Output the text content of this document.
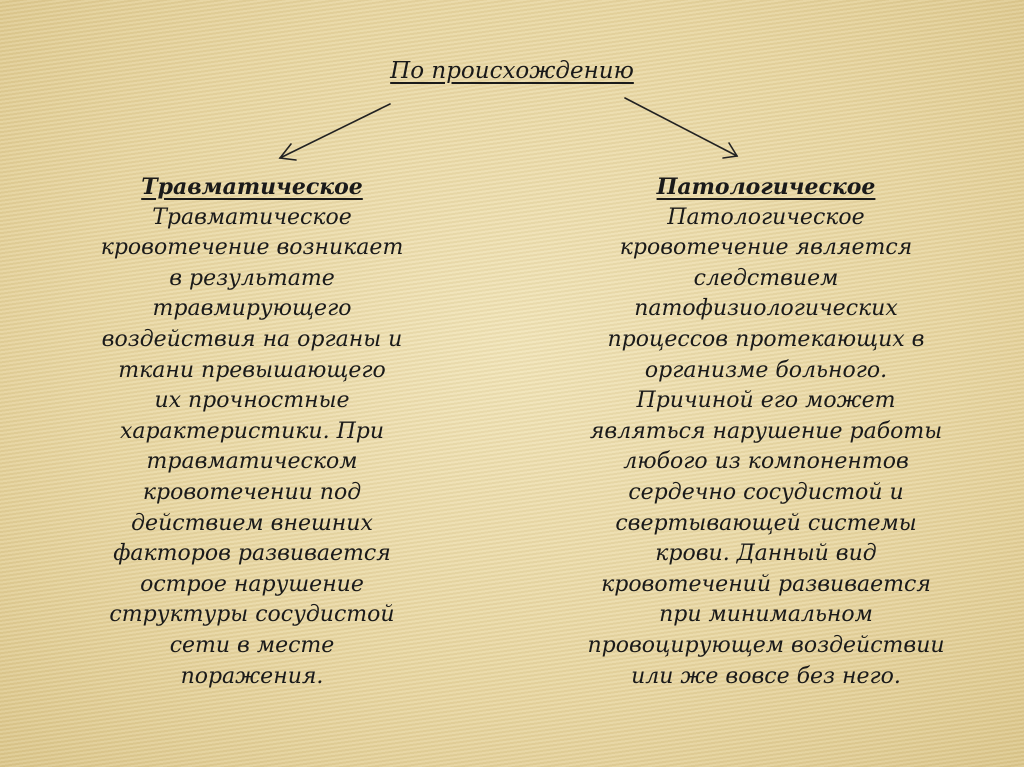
По происхождению
Травматическое
Травматическое
кровотечение возникает
в результате
травмирующего
воздействия на органы и
ткани превышающего
их прочностные
характеристики. При
травматическом
кровотечении под
действием внешних
факторов развивается
острое нарушение
структуры сосудистой
сети в месте
поражения.
Патологическое
Патологическое
кровотечение является
следствием
патофизиологических
процессов протекающих в
организме больного.
Причиной его может
являться нарушение работы
любого из компонентов
сердечно сосудистой и
свертывающей системы
крови. Данный вид
кровотечений развивается
при минимальном
провоцирующем воздействии
или же вовсе без него.
